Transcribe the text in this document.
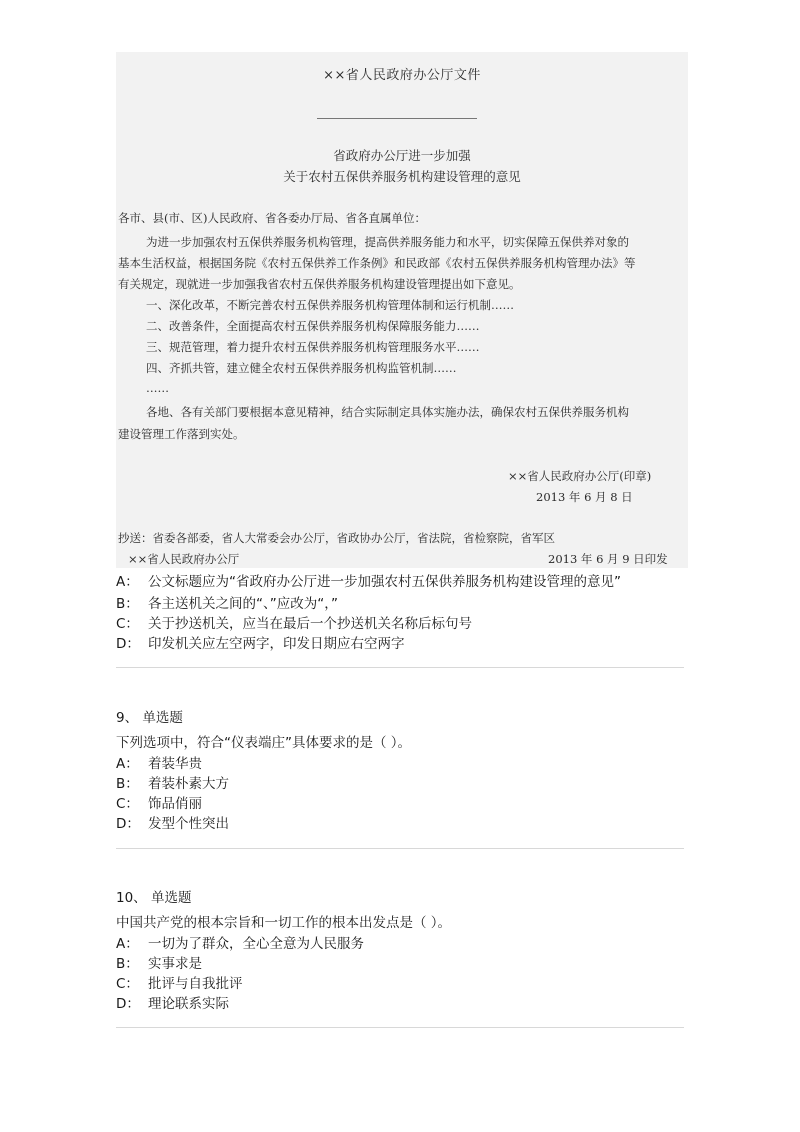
××省人民政府办公厅文件
省政府办公厅进一步加强
关于农村五保供养服务机构建设管理的意见
各市、县(市、区)人民政府、省各委办厅局、省各直属单位：
为进一步加强农村五保供养服务机构管理，提高供养服务能力和水平，切实保障五保供养对象的
基本生活权益，根据国务院《农村五保供养工作条例》和民政部《农村五保供养服务机构管理办法》等
有关规定，现就进一步加强我省农村五保供养服务机构建设管理提出如下意见。
一、深化改革，不断完善农村五保供养服务机构管理体制和运行机制……
二、改善条件，全面提高农村五保供养服务机构保障服务能力……
三、规范管理，着力提升农村五保供养服务机构管理服务水平……
四、齐抓共管，建立健全农村五保供养服务机构监管机制……
……
各地、各有关部门要根据本意见精神，结合实际制定具体实施办法，确保农村五保供养服务机构
建设管理工作落到实处。
××省人民政府办公厅(印章)
2013 年 6 月 8 日
抄送：省委各部委，省人大常委会办公厅，省政协办公厅，省法院，省检察院，省军区
××省人民政府办公厅	2013 年 6 月 9 日印发
A： 公文标题应为“省政府办公厅进一步加强农村五保供养服务机构建设管理的意见”
B： 各主送机关之间的“、”应改为“，”
C： 关于抄送机关，应当在最后一个抄送机关名称后标句号
D： 印发机关应左空两字，印发日期应右空两字
9、 单选题
下列选项中，符合“仪表端庄”具体要求的是（ ）。
A： 着装华贵
B： 着装朴素大方
C： 饰品俏丽
D： 发型个性突出
10、 单选题
中国共产党的根本宗旨和一切工作的根本出发点是（ ）。
A： 一切为了群众，全心全意为人民服务
B： 实事求是
C： 批评与自我批评
D： 理论联系实际
